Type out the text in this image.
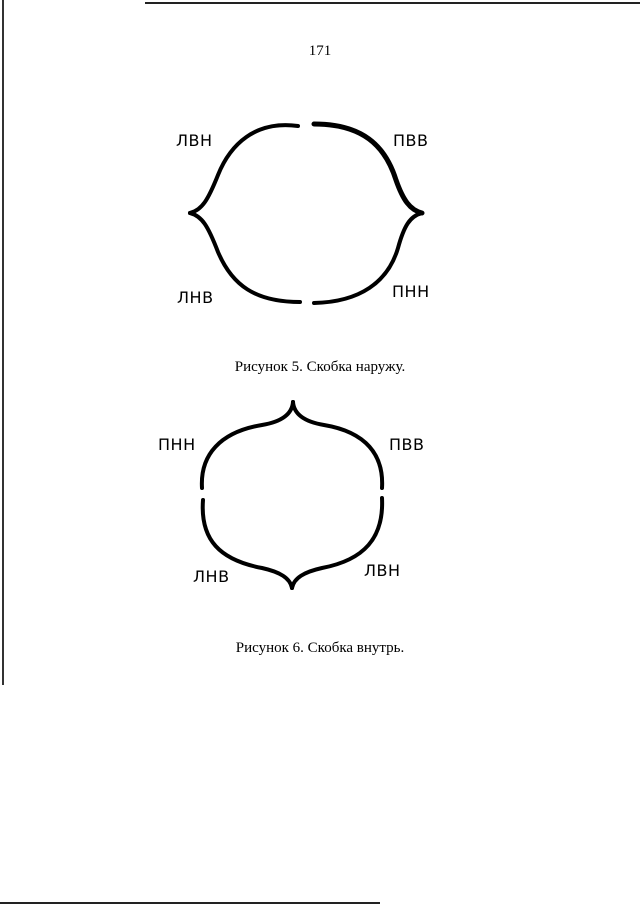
171
ЛВН	ПВВ
ЛНВ	ПНН
Рисунок 5. Скобка наружу.
ПНН	ПВВ
ЛНВ	ЛВН
Рисунок 6. Скобка внутрь.
